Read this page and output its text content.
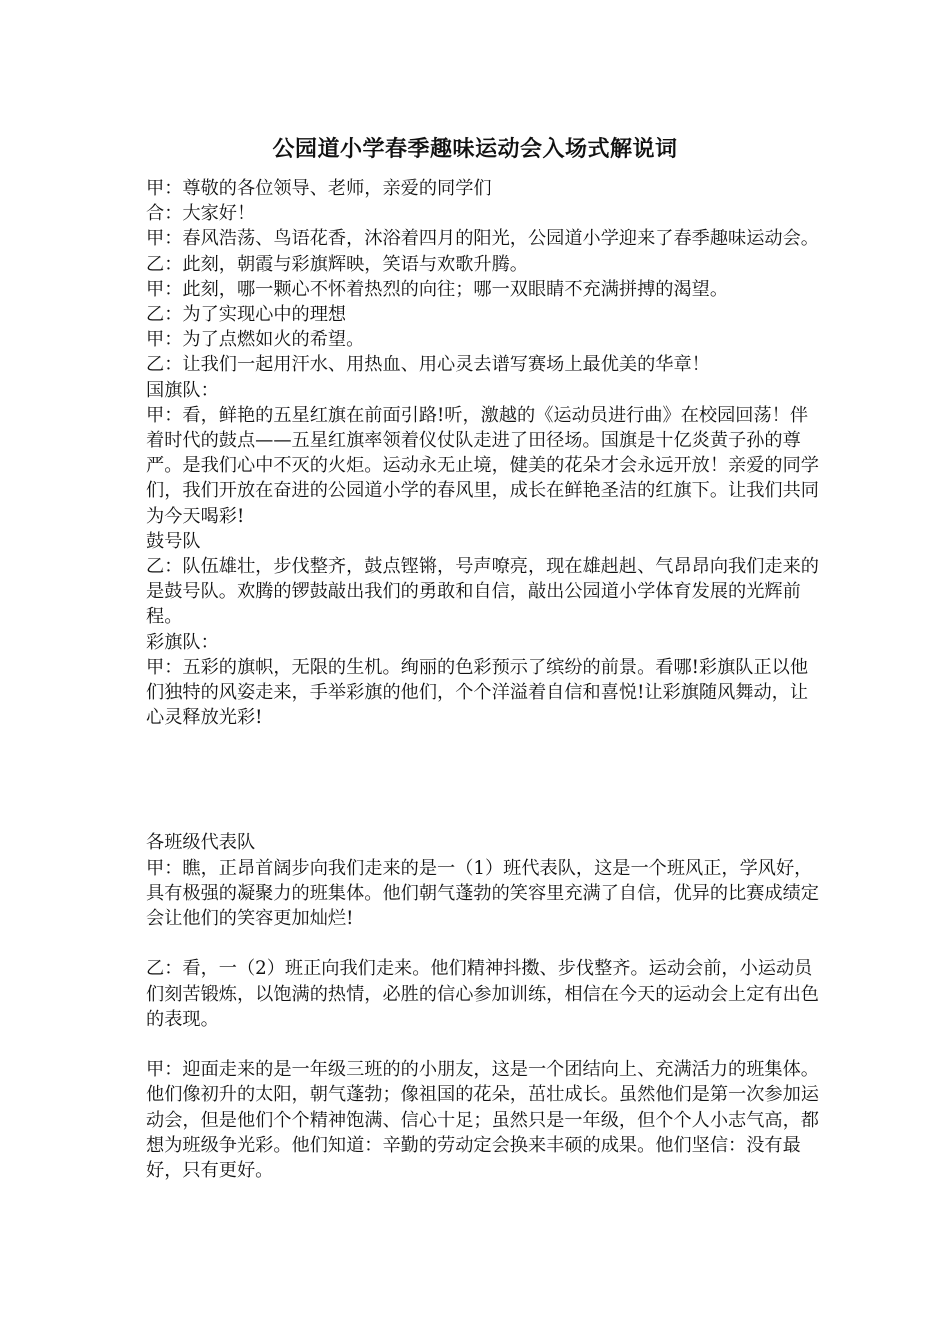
公园道小学春季趣味运动会入场式解说词

甲：尊敬的各位领导、老师，亲爱的同学们

合：大家好！

甲：春风浩荡、鸟语花香，沐浴着四月的阳光，公园道小学迎来了春季趣味运动会。

乙：此刻，朝霞与彩旗辉映，笑语与欢歌升腾。

甲：此刻，哪一颗心不怀着热烈的向往；哪一双眼睛不充满拼搏的渴望。

乙：为了实现心中的理想

甲：为了点燃如火的希望。

乙：让我们一起用汗水、用热血、用心灵去谱写赛场上最优美的华章！

国旗队：

甲：看，鲜艳的五星红旗在前面引路!听，激越的《运动员进行曲》在校园回荡！伴着时代的鼓点——五星红旗率领着仪仗队走进了田径场。国旗是十亿炎黄子孙的尊严。是我们心中不灭的火炬。运动永无止境，健美的花朵才会永远开放！亲爱的同学们，我们开放在奋进的公园道小学的春风里，成长在鲜艳圣洁的红旗下。让我们共同为今天喝彩!

鼓号队

乙：队伍雄壮，步伐整齐，鼓点铿锵，号声嘹亮，现在雄赳赳、气昂昂向我们走来的是鼓号队。欢腾的锣鼓敲出我们的勇敢和自信，敲出公园道小学体育发展的光辉前程。

彩旗队：

甲：五彩的旗帜，无限的生机。绚丽的色彩预示了缤纷的前景。看哪!彩旗队正以他们独特的风姿走来，手举彩旗的他们，个个洋溢着自信和喜悦!让彩旗随风舞动，让心灵释放光彩!

各班级代表队

甲：瞧，正昂首阔步向我们走来的是一（1）班代表队，这是一个班风正，学风好，具有极强的凝聚力的班集体。他们朝气蓬勃的笑容里充满了自信，优异的比赛成绩定会让他们的笑容更加灿烂!

乙：看，一（2）班正向我们走来。他们精神抖擞、步伐整齐。运动会前，小运动员们刻苦锻炼，以饱满的热情，必胜的信心参加训练，相信在今天的运动会上定有出色的表现。

甲：迎面走来的是一年级三班的的小朋友，这是一个团结向上、充满活力的班集体。他们像初升的太阳，朝气蓬勃；像祖国的花朵，茁壮成长。虽然他们是第一次参加运动会，但是他们个个精神饱满、信心十足；虽然只是一年级，但个个人小志气高，都想为班级争光彩。他们知道：辛勤的劳动定会换来丰硕的成果。他们坚信：没有最好，只有更好。
